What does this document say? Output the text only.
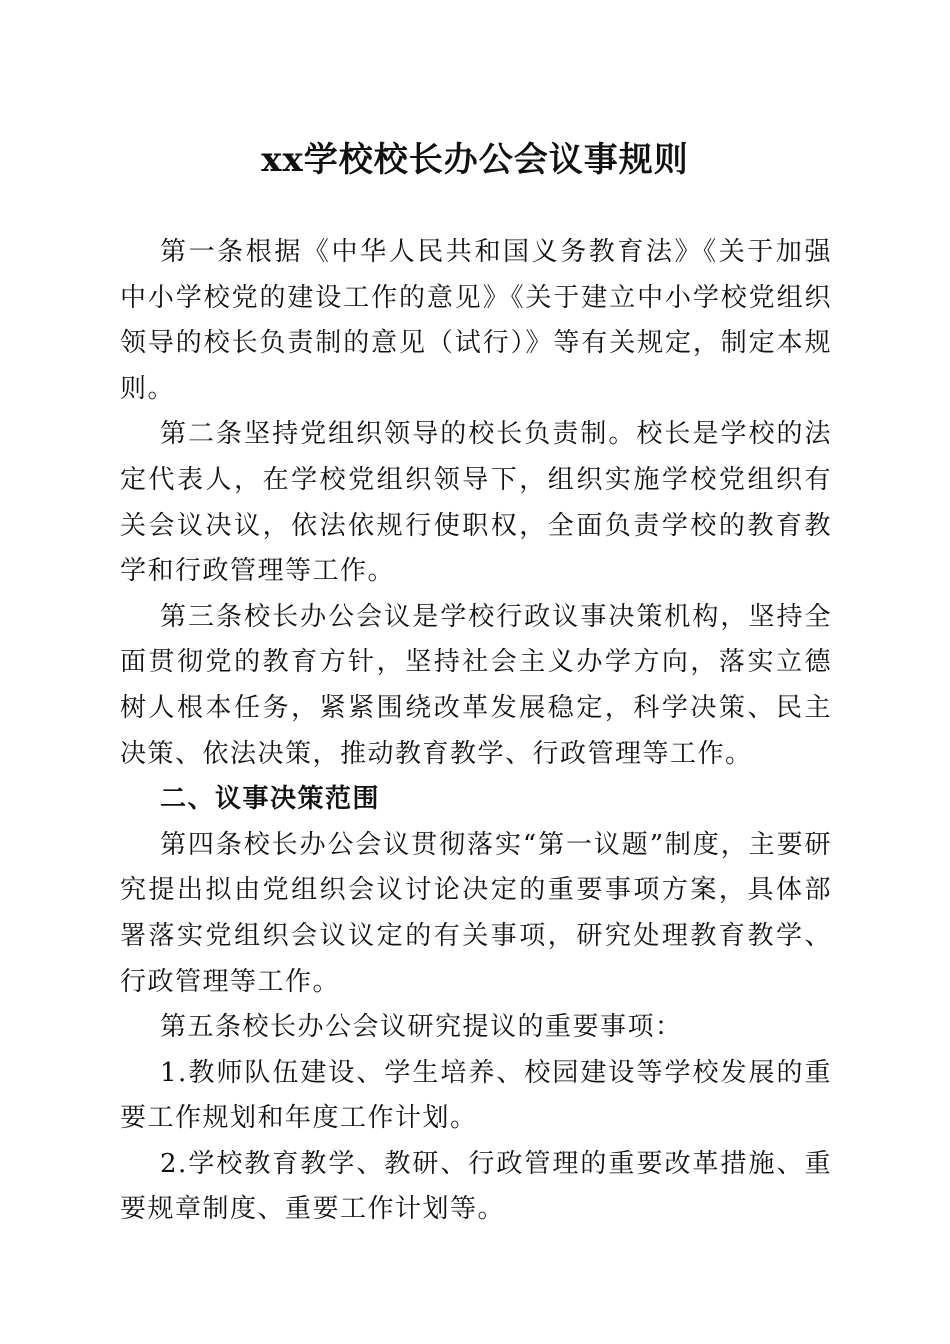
xx学校校长办公会议事规则

第一条根据《中华人民共和国义务教育法》《关于加强中小学校党的建设工作的意见》《关于建立中小学校党组织领导的校长负责制的意见（试行）》等有关规定，制定本规则。

第二条坚持党组织领导的校长负责制。校长是学校的法定代表人，在学校党组织领导下，组织实施学校党组织有关会议决议，依法依规行使职权，全面负责学校的教育教学和行政管理等工作。

第三条校长办公会议是学校行政议事决策机构，坚持全面贯彻党的教育方针，坚持社会主义办学方向，落实立德树人根本任务，紧紧围绕改革发展稳定，科学决策、民主决策、依法决策，推动教育教学、行政管理等工作。

二、议事决策范围

第四条校长办公会议贯彻落实“第一议题”制度，主要研究提出拟由党组织会议讨论决定的重要事项方案，具体部署落实党组织会议议定的有关事项，研究处理教育教学、行政管理等工作。

第五条校长办公会议研究提议的重要事项：

1.教师队伍建设、学生培养、校园建设等学校发展的重要工作规划和年度工作计划。

2.学校教育教学、教研、行政管理的重要改革措施、重要规章制度、重要工作计划等。
